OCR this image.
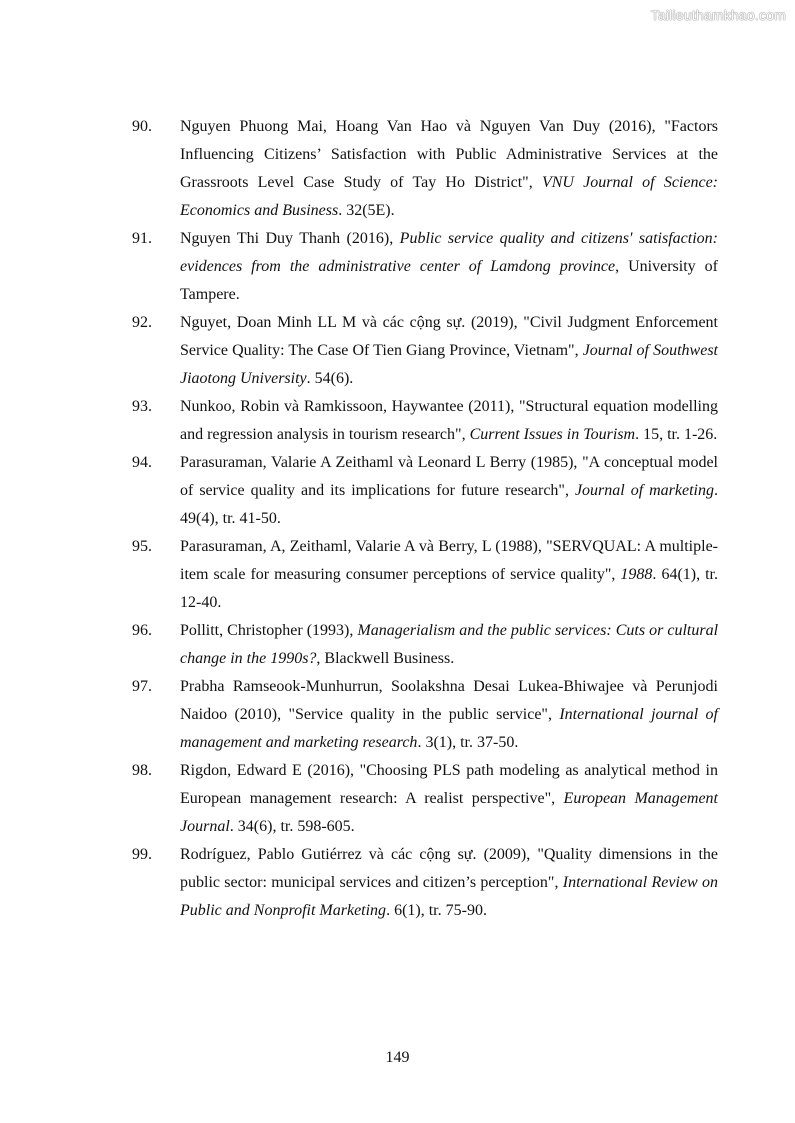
Tailieuthamkhao.com
90.	Nguyen Phuong Mai, Hoang Van Hao và Nguyen Van Duy (2016), "Factors Influencing Citizens’ Satisfaction with Public Administrative Services at the Grassroots Level Case Study of Tay Ho District", VNU Journal of Science: Economics and Business. 32(5E).
91.	Nguyen Thi Duy Thanh (2016), Public service quality and citizens' satisfaction: evidences from the administrative center of Lamdong province, University of Tampere.
92.	Nguyet, Doan Minh LL M và các cộng sự. (2019), "Civil Judgment Enforcement Service Quality: The Case Of Tien Giang Province, Vietnam", Journal of Southwest Jiaotong University. 54(6).
93.	Nunkoo, Robin và Ramkissoon, Haywantee (2011), "Structural equation modelling and regression analysis in tourism research", Current Issues in Tourism. 15, tr. 1-26.
94.	Parasuraman, Valarie A Zeithaml và Leonard L Berry (1985), "A conceptual model of service quality and its implications for future research", Journal of marketing. 49(4), tr. 41-50.
95.	Parasuraman, A, Zeithaml, Valarie A và Berry, L (1988), "SERVQUAL: A multiple-item scale for measuring consumer perceptions of service quality", 1988. 64(1), tr. 12-40.
96.	Pollitt, Christopher (1993), Managerialism and the public services: Cuts or cultural change in the 1990s?, Blackwell Business.
97.	Prabha Ramseook-Munhurrun, Soolakshna Desai Lukea-Bhiwajee và Perunjodi Naidoo (2010), "Service quality in the public service", International journal of management and marketing research. 3(1), tr. 37-50.
98.	Rigdon, Edward E (2016), "Choosing PLS path modeling as analytical method in European management research: A realist perspective", European Management Journal. 34(6), tr. 598-605.
99.	Rodríguez, Pablo Gutiérrez và các cộng sự. (2009), "Quality dimensions in the public sector: municipal services and citizen’s perception", International Review on Public and Nonprofit Marketing. 6(1), tr. 75-90.
149
